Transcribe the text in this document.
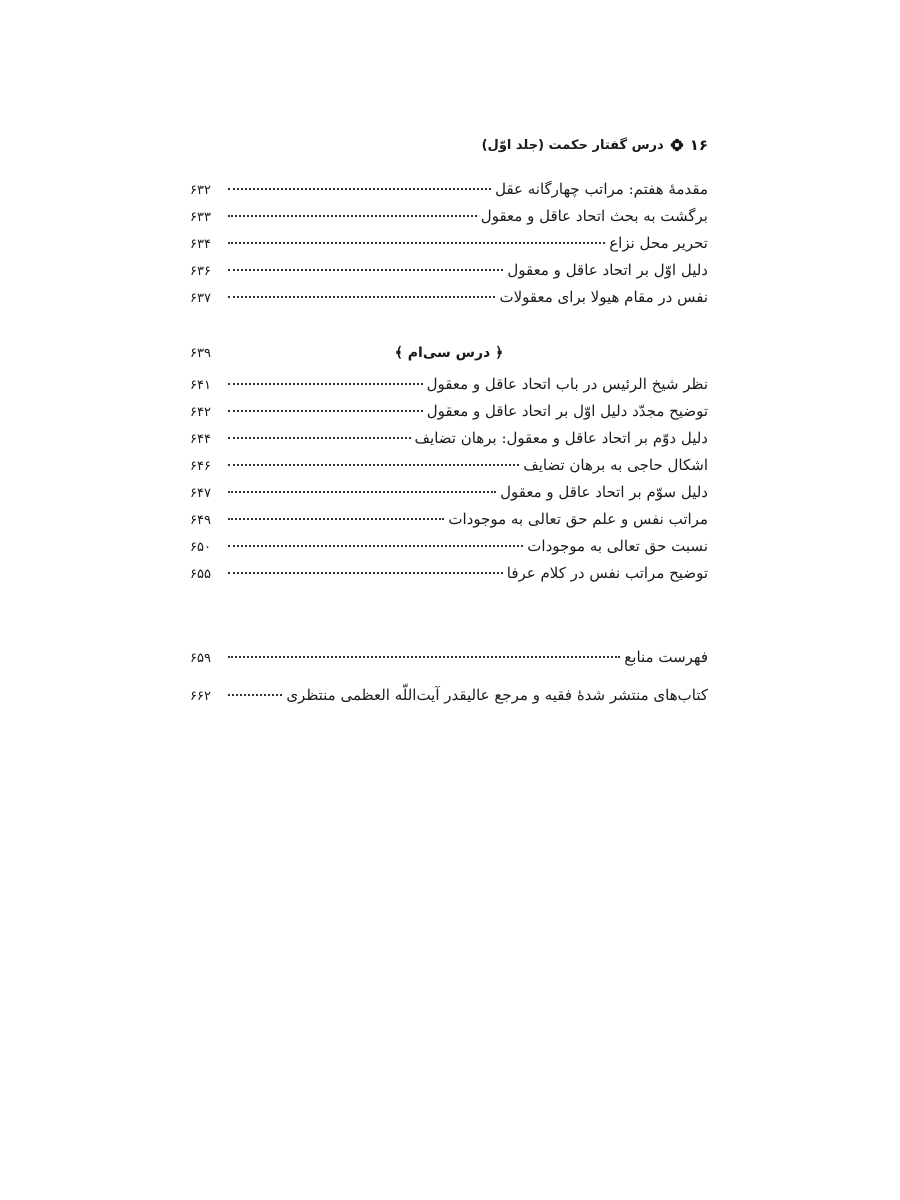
۱۶
درس گفتار حکمت (جلد اوّل)
مقدمهٔ هفتم: مراتب چهارگانه عقل
۶۳۲
برگشت به بحث اتحاد عاقل و معقول
۶۳۳
تحریر محل نزاع
۶۳۴
دلیل اوّل بر اتحاد عاقل و معقول
۶۳۶
نفس در مقام هیولا برای معقولات
۶۳۷
﴿ درس سی‌ام ﴾
۶۳۹
نظر شیخ الرئیس در باب اتحاد عاقل و معقول
۶۴۱
توضیح مجدّد دلیل اوّل بر اتحاد عاقل و معقول
۶۴۲
دلیل دوّم بر اتحاد عاقل و معقول: برهان تضایف
۶۴۴
اشکال حاجی به برهان تضایف
۶۴۶
دلیل سوّم بر اتحاد عاقل و معقول
۶۴۷
مراتب نفس و علم حق تعالی به موجودات
۶۴۹
نسبت حق تعالی به موجودات
۶۵۰
توضیح مراتب نفس در کلام عرفا
۶۵۵
فهرست منابع
۶۵۹
کتاب‌های منتشر شدهٔ فقیه و مرجع عالیقدر آیت‌اللّه العظمی منتظری
۶۶۲
